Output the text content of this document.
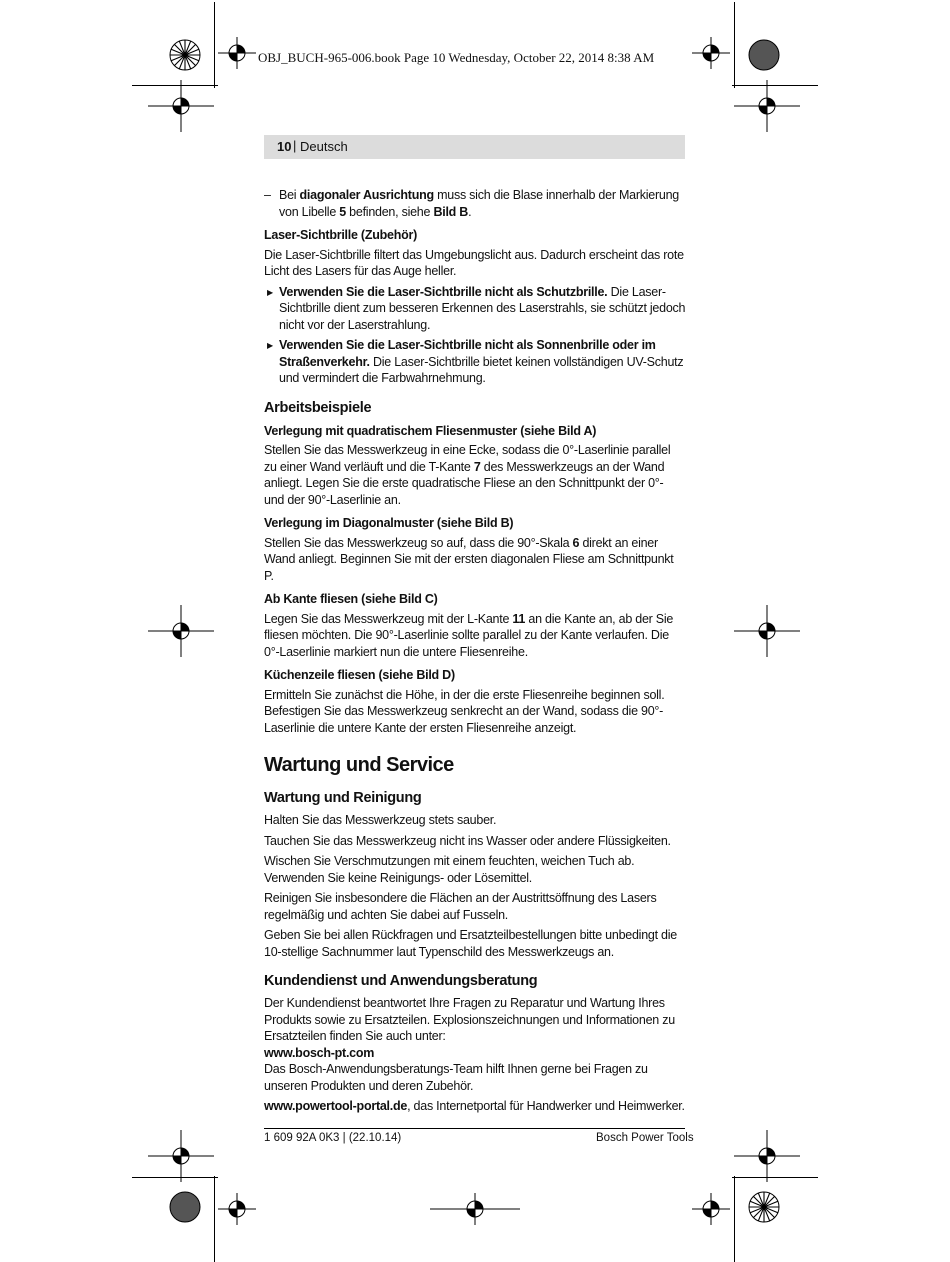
OBJ_BUCH-965-006.book Page 10 Wednesday, October 22, 2014 8:38 AM
10 | Deutsch

– Bei diagonaler Ausrichtung muss sich die Blase innerhalb der Markierung von Libelle 5 befinden, siehe Bild B.

Laser-Sichtbrille (Zubehör)

Die Laser-Sichtbrille filtert das Umgebungslicht aus. Dadurch erscheint das rote Licht des Lasers für das Auge heller.

▶ Verwenden Sie die Laser-Sichtbrille nicht als Schutzbrille. Die Laser-Sichtbrille dient zum besseren Erkennen des Laserstrahls, sie schützt jedoch nicht vor der Laserstrahlung.

▶ Verwenden Sie die Laser-Sichtbrille nicht als Sonnenbrille oder im Straßenverkehr. Die Laser-Sichtbrille bietet keinen vollständigen UV-Schutz und vermindert die Farbwahrnehmung.

Arbeitsbeispiele

Verlegung mit quadratischem Fliesenmuster (siehe Bild A)

Stellen Sie das Messwerkzeug in eine Ecke, sodass die 0°-Laserlinie parallel zu einer Wand verläuft und die T-Kante 7 des Messwerkzeugs an der Wand anliegt. Legen Sie die erste quadratische Fliese an den Schnittpunkt der 0°- und der 90°-Laserlinie an.

Verlegung im Diagonalmuster (siehe Bild B)

Stellen Sie das Messwerkzeug so auf, dass die 90°-Skala 6 direkt an einer Wand anliegt. Beginnen Sie mit der ersten diagonalen Fliese am Schnittpunkt P.

Ab Kante fliesen (siehe Bild C)

Legen Sie das Messwerkzeug mit der L-Kante 11 an die Kante an, ab der Sie fliesen möchten. Die 90°-Laserlinie sollte parallel zu der Kante verlaufen. Die 0°-Laserlinie markiert nun die untere Fliesenreihe.

Küchenzeile fliesen (siehe Bild D)

Ermitteln Sie zunächst die Höhe, in der die erste Fliesenreihe beginnen soll. Befestigen Sie das Messwerkzeug senkrecht an der Wand, sodass die 90°-Laserlinie die untere Kante der ersten Fliesenreihe anzeigt.

Wartung und Service

Wartung und Reinigung

Halten Sie das Messwerkzeug stets sauber.

Tauchen Sie das Messwerkzeug nicht ins Wasser oder andere Flüssigkeiten.

Wischen Sie Verschmutzungen mit einem feuchten, weichen Tuch ab. Verwenden Sie keine Reinigungs- oder Lösemittel.

Reinigen Sie insbesondere die Flächen an der Austrittsöffnung des Lasers regelmäßig und achten Sie dabei auf Fusseln.

Geben Sie bei allen Rückfragen und Ersatzteilbestellungen bitte unbedingt die 10-stellige Sachnummer laut Typenschild des Messwerkzeugs an.

Kundendienst und Anwendungsberatung

Der Kundendienst beantwortet Ihre Fragen zu Reparatur und Wartung Ihres Produkts sowie zu Ersatzteilen. Explosionszeichnungen und Informationen zu Ersatzteilen finden Sie auch unter:

www.bosch-pt.com

Das Bosch-Anwendungsberatungs-Team hilft Ihnen gerne bei Fragen zu unseren Produkten und deren Zubehör.

www.powertool-portal.de, das Internetportal für Handwerker und Heimwerker.

1 609 92A 0K3 | (22.10.14)	Bosch Power Tools
